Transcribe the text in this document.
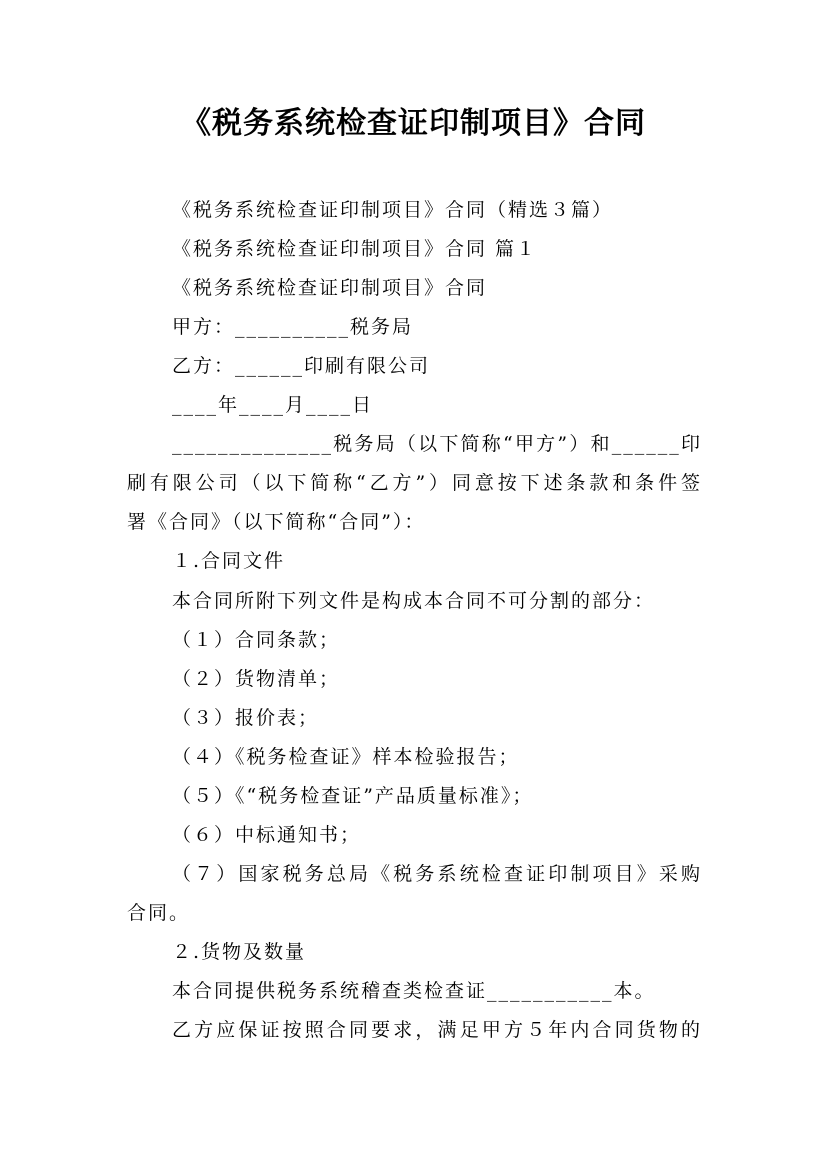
《税务系统检查证印制项目》合同
《税务系统检查证印制项目》合同（精选３篇）
《税务系统检查证印制项目》合同 篇１
《税务系统检查证印制项目》合同
甲方：__________税务局
乙方：______印刷有限公司
____年____月____日
______________税务局（以下简称“甲方”）和______印
刷有限公司（以下简称“乙方”）同意按下述条款和条件签
署《合同》（以下简称“合同”）：
１.合同文件
本合同所附下列文件是构成本合同不可分割的部分：
（１）合同条款；
（２）货物清单；
（３）报价表；
（４）《税务检查证》样本检验报告；
（５）《“税务检查证”产品质量标准》；
（６）中标通知书；
（７）国家税务总局《税务系统检查证印制项目》采购
合同。
２.货物及数量
本合同提供税务系统稽查类检查证___________本。
乙方应保证按照合同要求，满足甲方５年内合同货物的
